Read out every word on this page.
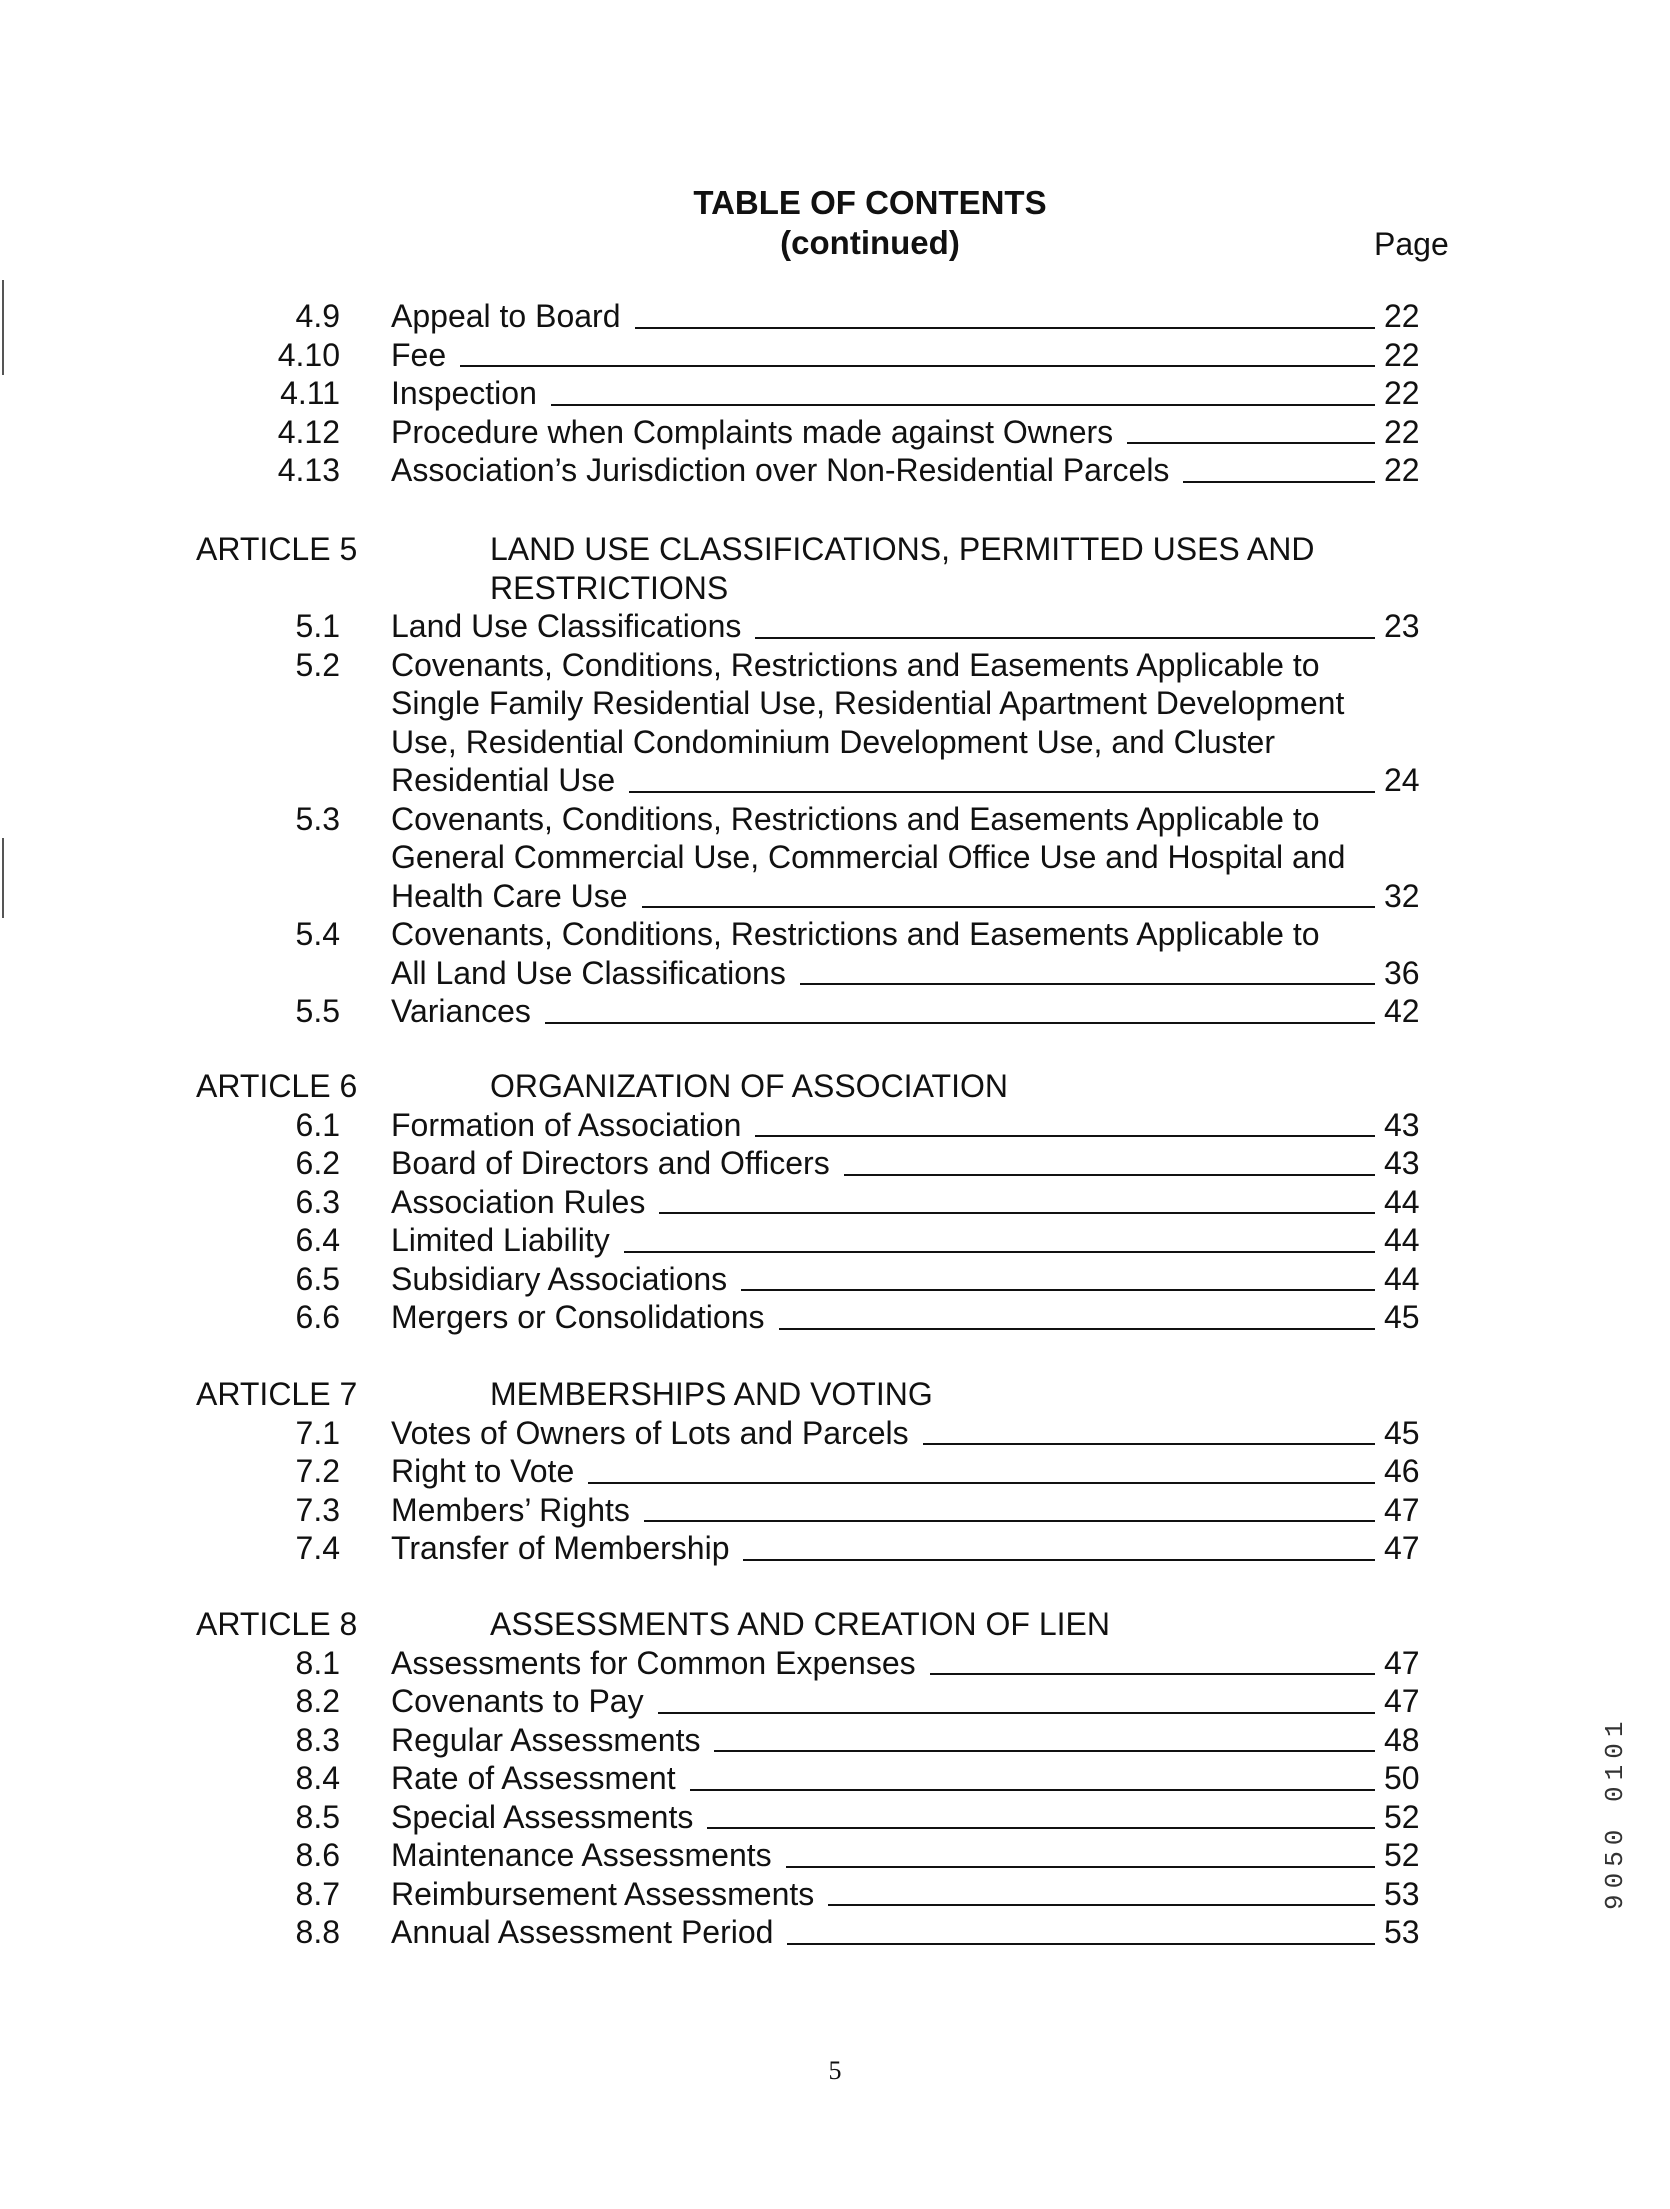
TABLE OF CONTENTS
(continued)	Page
4.9 Appeal to Board	22
4.10 Fee	22
4.11 Inspection	22
4.12 Procedure when Complaints made against Owners	22
4.13 Association’s Jurisdiction over Non-Residential Parcels	22
ARTICLE 5	LAND USE CLASSIFICATIONS, PERMITTED USES AND
RESTRICTIONS
5.1 Land Use Classifications	23
5.2 Covenants, Conditions, Restrictions and Easements Applicable to
Single Family Residential Use, Residential Apartment Development
Use, Residential Condominium Development Use, and Cluster
Residential Use	24
5.3 Covenants, Conditions, Restrictions and Easements Applicable to
General Commercial Use, Commercial Office Use and Hospital and
Health Care Use	32
5.4 Covenants, Conditions, Restrictions and Easements Applicable to
All Land Use Classifications	36
5.5 Variances	42
ARTICLE 6	ORGANIZATION OF ASSOCIATION
6.1 Formation of Association	43
6.2 Board of Directors and Officers	43
6.3 Association Rules	44
6.4 Limited Liability	44
6.5 Subsidiary Associations	44
6.6 Mergers or Consolidations	45
ARTICLE 7	MEMBERSHIPS AND VOTING
7.1 Votes of Owners of Lots and Parcels	45
7.2 Right to Vote	46
7.3 Members’ Rights	47
7.4 Transfer of Membership	47
ARTICLE 8	ASSESSMENTS AND CREATION OF LIEN
8.1 Assessments for Common Expenses	47
8.2 Covenants to Pay	47
8.3 Regular Assessments	48
8.4 Rate of Assessment	50
8.5 Special Assessments	52
8.6 Maintenance Assessments	52
8.7 Reimbursement Assessments	53
8.8 Annual Assessment Period	53
5
9050 0101
